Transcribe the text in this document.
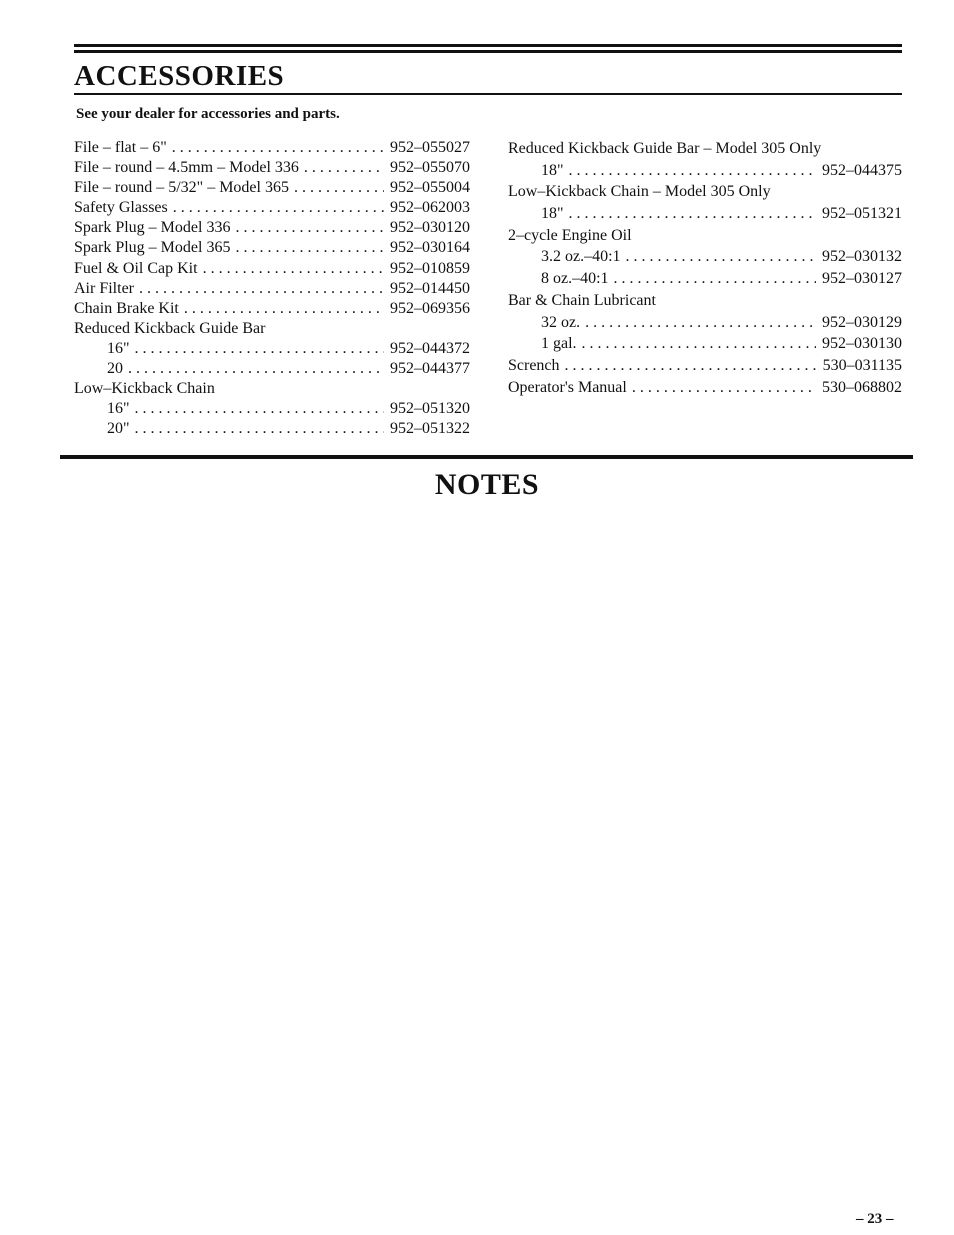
ACCESSORIES
See your dealer for accessories and parts.
File – flat – 6" . . .	952–055027
File – round – 4.5mm – Model 336 . . .	952–055070
File – round – 5/32" – Model 365 . . .	952–055004
Safety Glasses . . .	952–062003
Spark Plug – Model 336 . . .	952–030120
Spark Plug – Model 365 . . .	952–030164
Fuel & Oil Cap Kit . . .	952–010859
Air Filter . . .	952–014450
Chain Brake Kit . . .	952–069356
Reduced Kickback Guide Bar
16" . . .	952–044372
20 . . .	952–044377
Low–Kickback Chain
16" . . .	952–051320
20" . . .	952–051322
Reduced Kickback Guide Bar – Model 305 Only
18" . . .	952–044375
Low–Kickback Chain – Model 305 Only
18" . . .	952–051321
2–cycle Engine Oil
3.2 oz.–40:1 . . .	952–030132
8 oz.–40:1 . . .	952–030127
Bar & Chain Lubricant
32 oz. . . .	952–030129
1 gal. . . .	952–030130
Scrench . . .	530–031135
Operator's Manual . . .	530–068802
NOTES
– 23 –
